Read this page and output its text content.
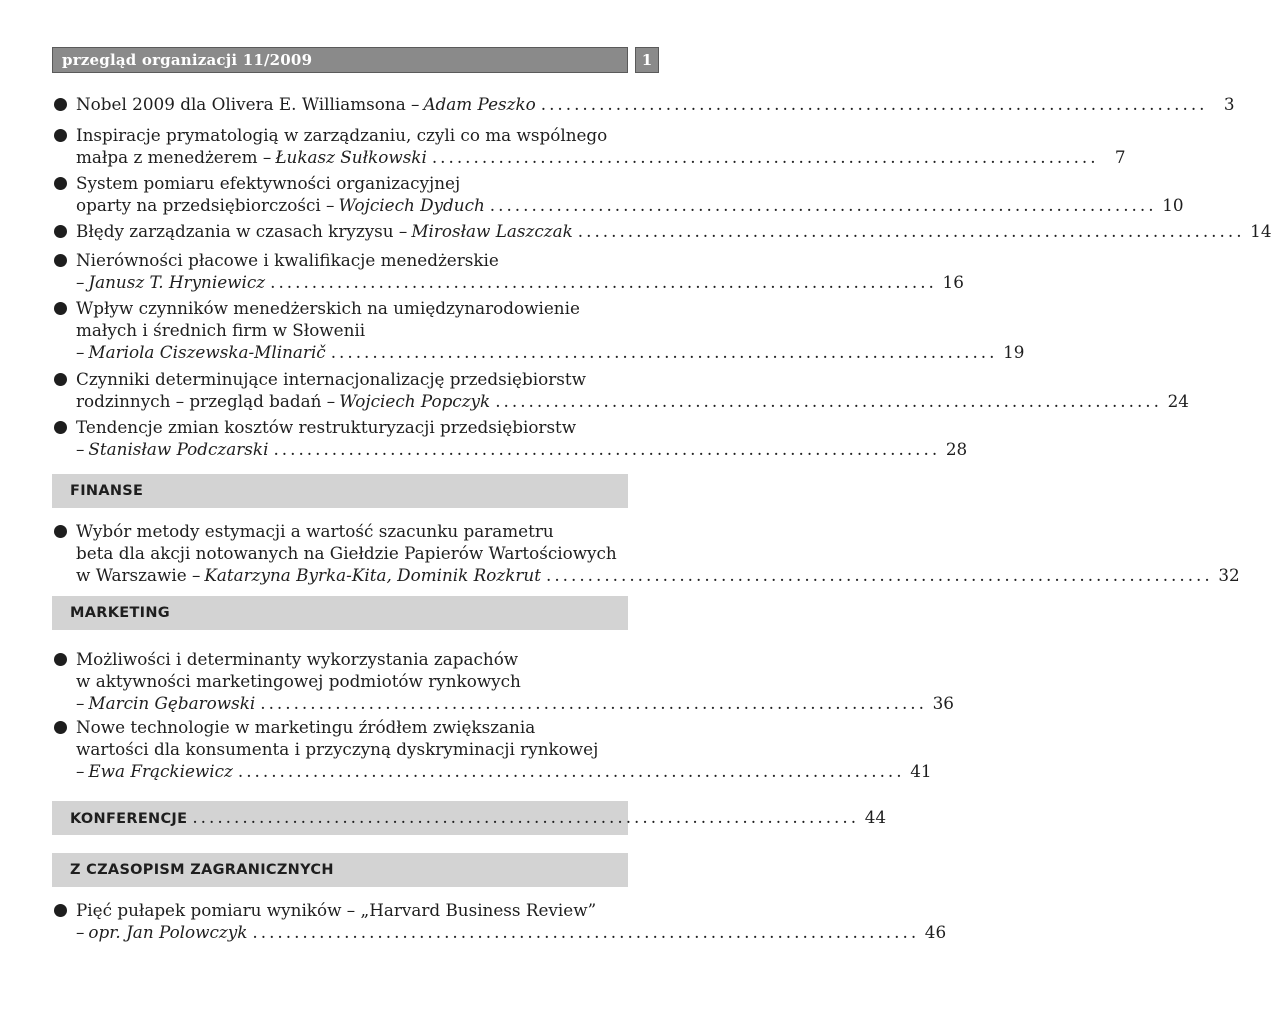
przegląd organizacji 11/2009	1
Nobel 2009 dla Olivera E. Williamsona – Adam Peszko ................................................................................ 3
Inspiracje prymatologią w zarządzaniu, czyli co ma wspólnego
małpa z menedżerem – Łukasz Sułkowski ................................................................................ 7
System pomiaru efektywności organizacyjnej
oparty na przedsiębiorczości – Wojciech Dyduch ................................................................................ 10
Błędy zarządzania w czasach kryzysu – Mirosław Laszczak ................................................................................ 14
Nierówności płacowe i kwalifikacje menedżerskie
– Janusz T. Hryniewicz ................................................................................ 16
Wpływ czynników menedżerskich na umiędzynarodowienie
małych i średnich firm w Słowenii
– Mariola Ciszewska-Mlinarič ................................................................................ 19
Czynniki determinujące internacjonalizację przedsiębiorstw
rodzinnych – przegląd badań – Wojciech Popczyk ................................................................................ 24
Tendencje zmian kosztów restrukturyzacji przedsiębiorstw
– Stanisław Podczarski ................................................................................ 28
FINANSE
Wybór metody estymacji a wartość szacunku parametru
beta dla akcji notowanych na Giełdzie Papierów Wartościowych
w Warszawie – Katarzyna Byrka-Kita, Dominik Rozkrut ................................................................................ 32
MARKETING
Możliwości i determinanty wykorzystania zapachów
w aktywności marketingowej podmiotów rynkowych
– Marcin Gębarowski ................................................................................ 36
Nowe technologie w marketingu źródłem zwiększania
wartości dla konsumenta i przyczyną dyskryminacji rynkowej
– Ewa Frąckiewicz ................................................................................ 41
KONFERENCJE ................................................................................ 44
Z CZASOPISM ZAGRANICZNYCH
Pięć pułapek pomiaru wyników – „Harvard Business Review”
– opr. Jan Polowczyk ................................................................................ 46
